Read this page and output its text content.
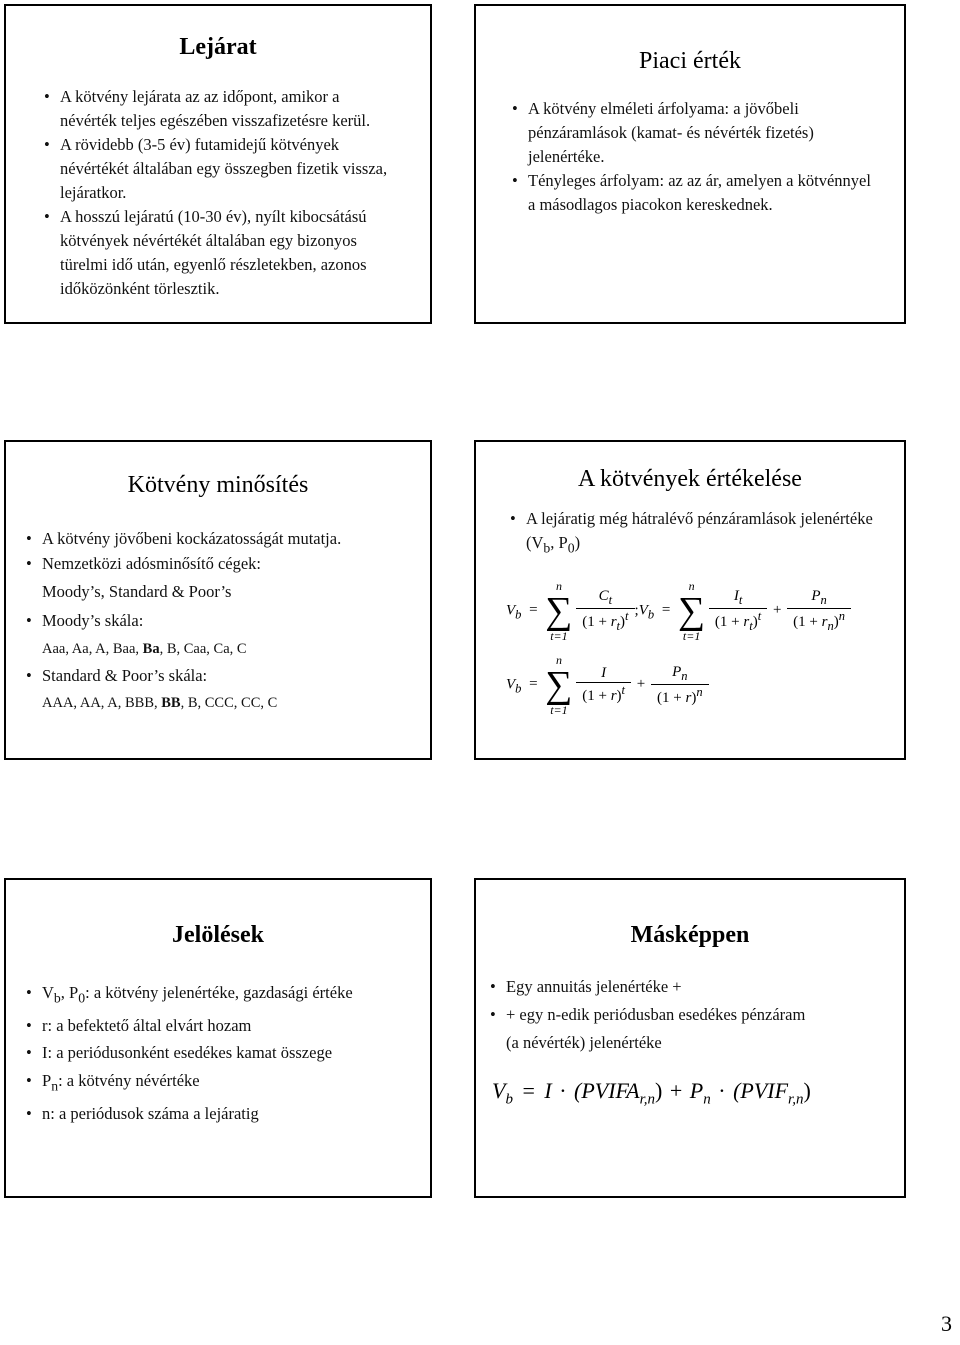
Lejárat
• A kötvény lejárata az az időpont, amikor a névérték teljes egészében visszafizetésre kerül.
• A rövidebb (3-5 év) futamidejű kötvények névértékét általában egy összegben fizetik vissza, lejáratkor.
• A hosszú lejáratú (10-30 év), nyílt kibocsátású kötvények névértékét általában egy bizonyos türelmi idő után, egyenlő részletekben, azonos időközönként törlesztik.
Piaci érték
• A kötvény elméleti árfolyama: a jövőbeli pénzáramlások (kamat- és névérték fizetés) jelenértéke.
• Tényleges árfolyam: az az ár, amelyen a kötvénnyel a másodlagos piacokon kereskednek.
Kötvény minősítés
• A kötvény jövőbeni kockázatosságát mutatja.
• Nemzetközi adósminősítő cégek:
Moody’s, Standard & Poor’s
• Moody’s skála:
Aaa, Aa, A, Baa, Ba, B, Caa, Ca, C
• Standard & Poor’s skála:
AAA, AA, A, BBB, BB, B, CCC, CC, C
A kötvények értékelése
• A lejáratig még hátralévő pénzáramlások jelenértéke ($V_b$, $P_0$)
$V_b$ =
n
∑
t=1

$\frac{C_t}{(1 + r_t)^t}$ $;V_b$ =
n
∑
t=1

$\frac{I_t}{(1 + r_t)^t} + \frac{P_n}{(1 + r_n)^n}$
$V_b$ =
n
∑
t=1

$\frac{I}{(1 + r)^t} + \frac{P_n}{(1 + r)^n}$
Jelölések
• $V_b$, $P_0$: a kötvény jelenértéke, gazdasági értéke
• r: a befektető által elvárt hozam
• I: a periódusonként esedékes kamat összege
• $P_n$: a kötvény névértéke
• n: a periódusok száma a lejáratig
Másképpen
• Egy annuitás jelenértéke +
• + egy n-edik periódusban esedékes pénzáram
(a névérték) jelenértéke
$V_b = I$ · $(PVIFA_{r,n}) + P_n$ · $(PVIF_{r,n})$
3
